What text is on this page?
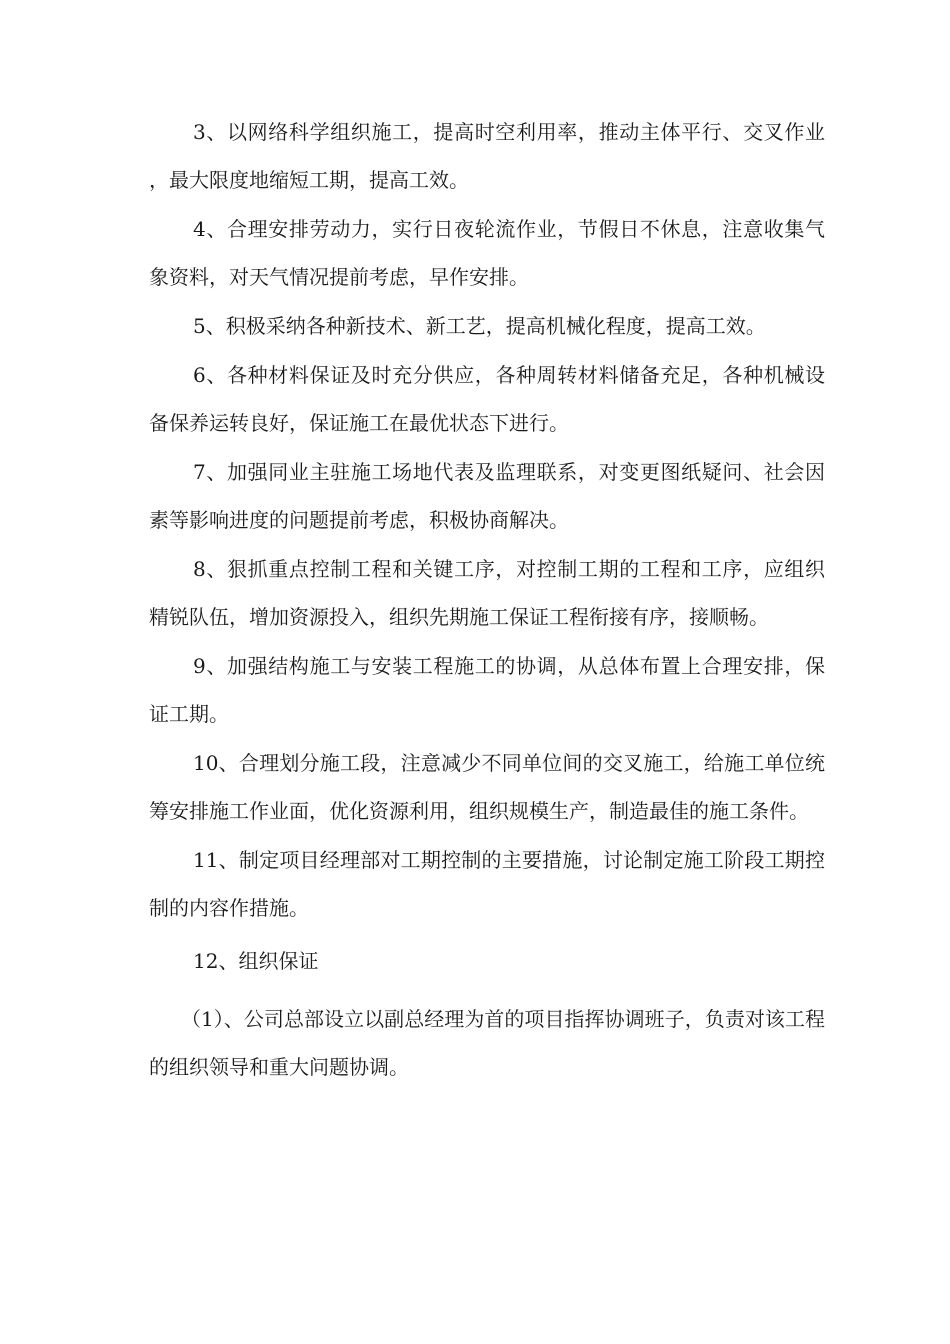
3、以网络科学组织施工，提高时空利用率，推动主体平行、交叉作业，最大限度地缩短工期，提高工效。

4、合理安排劳动力，实行日夜轮流作业，节假日不休息，注意收集气象资料，对天气情况提前考虑，早作安排。

5、积极采纳各种新技术、新工艺，提高机械化程度，提高工效。

6、各种材料保证及时充分供应，各种周转材料储备充足，各种机械设备保养运转良好，保证施工在最优状态下进行。

7、加强同业主驻施工场地代表及监理联系，对变更图纸疑问、社会因素等影响进度的问题提前考虑，积极协商解决。

8、狠抓重点控制工程和关键工序，对控制工期的工程和工序，应组织精锐队伍，增加资源投入，组织先期施工保证工程衔接有序，接顺畅。

9、加强结构施工与安装工程施工的协调，从总体布置上合理安排，保证工期。

10、合理划分施工段，注意减少不同单位间的交叉施工，给施工单位统筹安排施工作业面，优化资源利用，组织规模生产，制造最佳的施工条件。

11、制定项目经理部对工期控制的主要措施，讨论制定施工阶段工期控制的内容作措施。

12、组织保证

（1）、公司总部设立以副总经理为首的项目指挥协调班子，负责对该工程的组织领导和重大问题协调。
